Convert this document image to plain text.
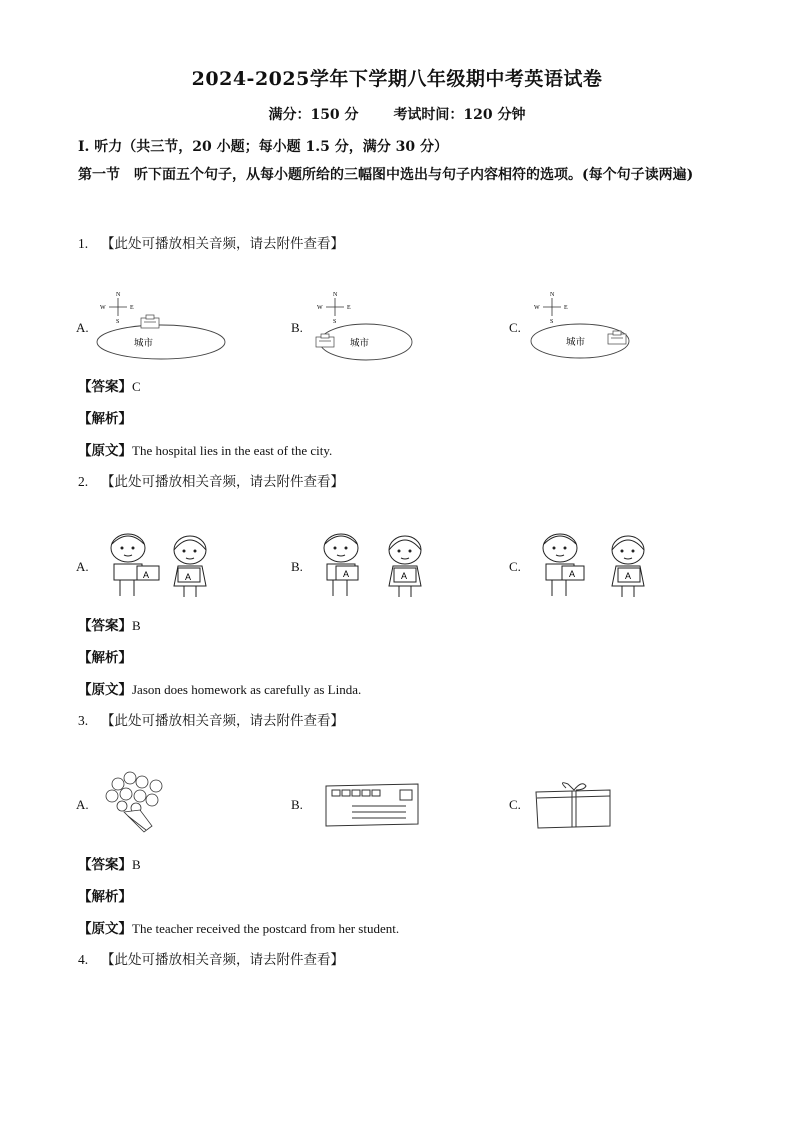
2024-2025学年下学期八年级期中考英语试卷
满分：150 分 考试时间：120 分钟
Ⅰ. 听力（共三节，20 小题；每小题 1.5 分，满分 30 分）
第一节 听下面五个句子，从每小题所给的三幅图中选出与句子内容相符的选项。(每个句子读两遍)
1. 【此处可播放相关音频，请去附件查看】
A.	B.	C.
N
S
W	E
城市
N
S
W	E
城市
N
S
W	E
城市
【答案】C
【解析】
【原文】The hospital lies in the east of the city.
2. 【此处可播放相关音频，请去附件查看】
A.	B.	C.
A	A	A	A	A	A
【答案】B
【解析】
【原文】Jason does homework as carefully as Linda.
3. 【此处可播放相关音频，请去附件查看】
A.	B.	C.
【答案】B
【解析】
【原文】The teacher received the postcard from her student.
4. 【此处可播放相关音频，请去附件查看】
